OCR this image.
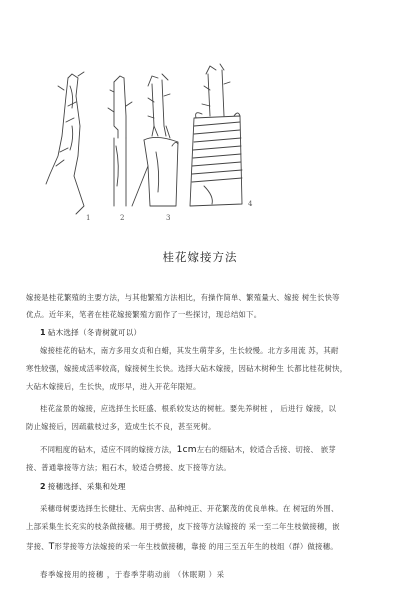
1	2	3
4
桂花嫁接方法
嫁接是桂花繁殖的主要方法，与其他繁殖方法相比，有操作简单、繁殖量大、嫁接 树生长快等
优点。近年来，笔者在桂花嫁接繁殖方面作了一些探讨，现总结如下。
1 砧木选择（冬青树就可以）
嫁接桂花的砧木，南方多用女贞和白蜡，其发生萌芽多，生长较慢。北方多用流 苏，其耐
寒性较强，嫁接成活率较高，嫁接树生长快。选择大砧木嫁接，因砧木树种生 长都比桂花树快，
大砧木嫁接后，生长快，成形早，进入开花年限短。
桂花盆景的嫁接，应选择生长旺盛、根系较发达的树桩。要先养树桩 ， 后进行 嫁接，以
防止嫁接后，因疏截枝过多，造成生长不良，甚至死树。
不同粗度的砧木，适应不同的嫁接方法，1cm左右的细砧木，较适合舌接、切接、 嵌芽
接、普通靠接等方法；粗石木，较适合劈接、皮下接等方法。
2 接穗选择、采集和处理
采穗母树要选择生长健壮、无病虫害、品种纯正、开花繁茂的优良单株。在 树冠的外围、
上部采集生长充实的枝条做接穗。用于劈接，皮下接等方法嫁接的 采一至二年生枝做接穗，嵌
芽接、T形芽接等方法嫁接的采一年生枝做接穗，靠接 的用三至五年生的枝组（群）做接穗。
春季嫁接用的接穗 ，于春季芽萌动前 （休眠期 ）采
